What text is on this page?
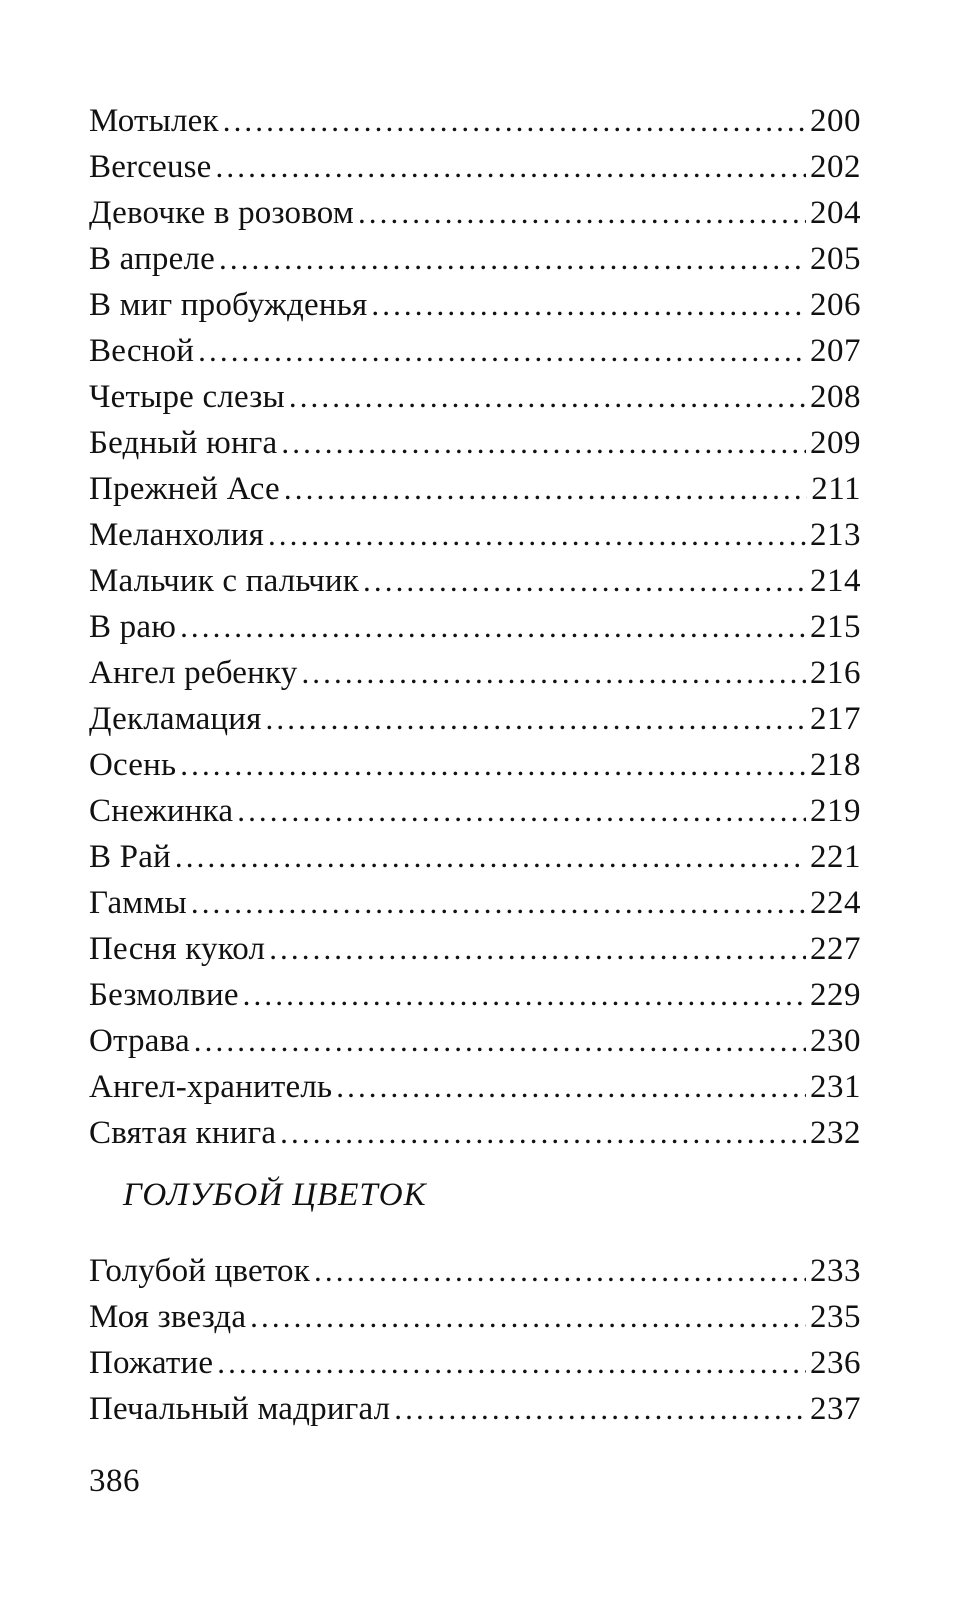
Мотылек .....	200
Berceuse .....	202
Девочке в розовом .....	204
В апреле .....	205
В миг пробужденья .....	206
Весной .....	207
Четыре слезы .....	208
Бедный юнга .....	209
Прежней Асе .....	211
Меланхолия .....	213
Мальчик с пальчик .....	214
В раю .....	215
Ангел ребенку .....	216
Декламация .....	217
Осень .....	218
Снежинка .....	219
В Рай .....	221
Гаммы .....	224
Песня кукол .....	227
Безмолвие .....	229
Отрава .....	230
Ангел-хранитель .....	231
Святая книга .....	232
ГОЛУБОЙ ЦВЕТОК
Голубой цветок .....	233
Моя звезда .....	235
Пожатие .....	236
Печальный мадригал .....	237
386
